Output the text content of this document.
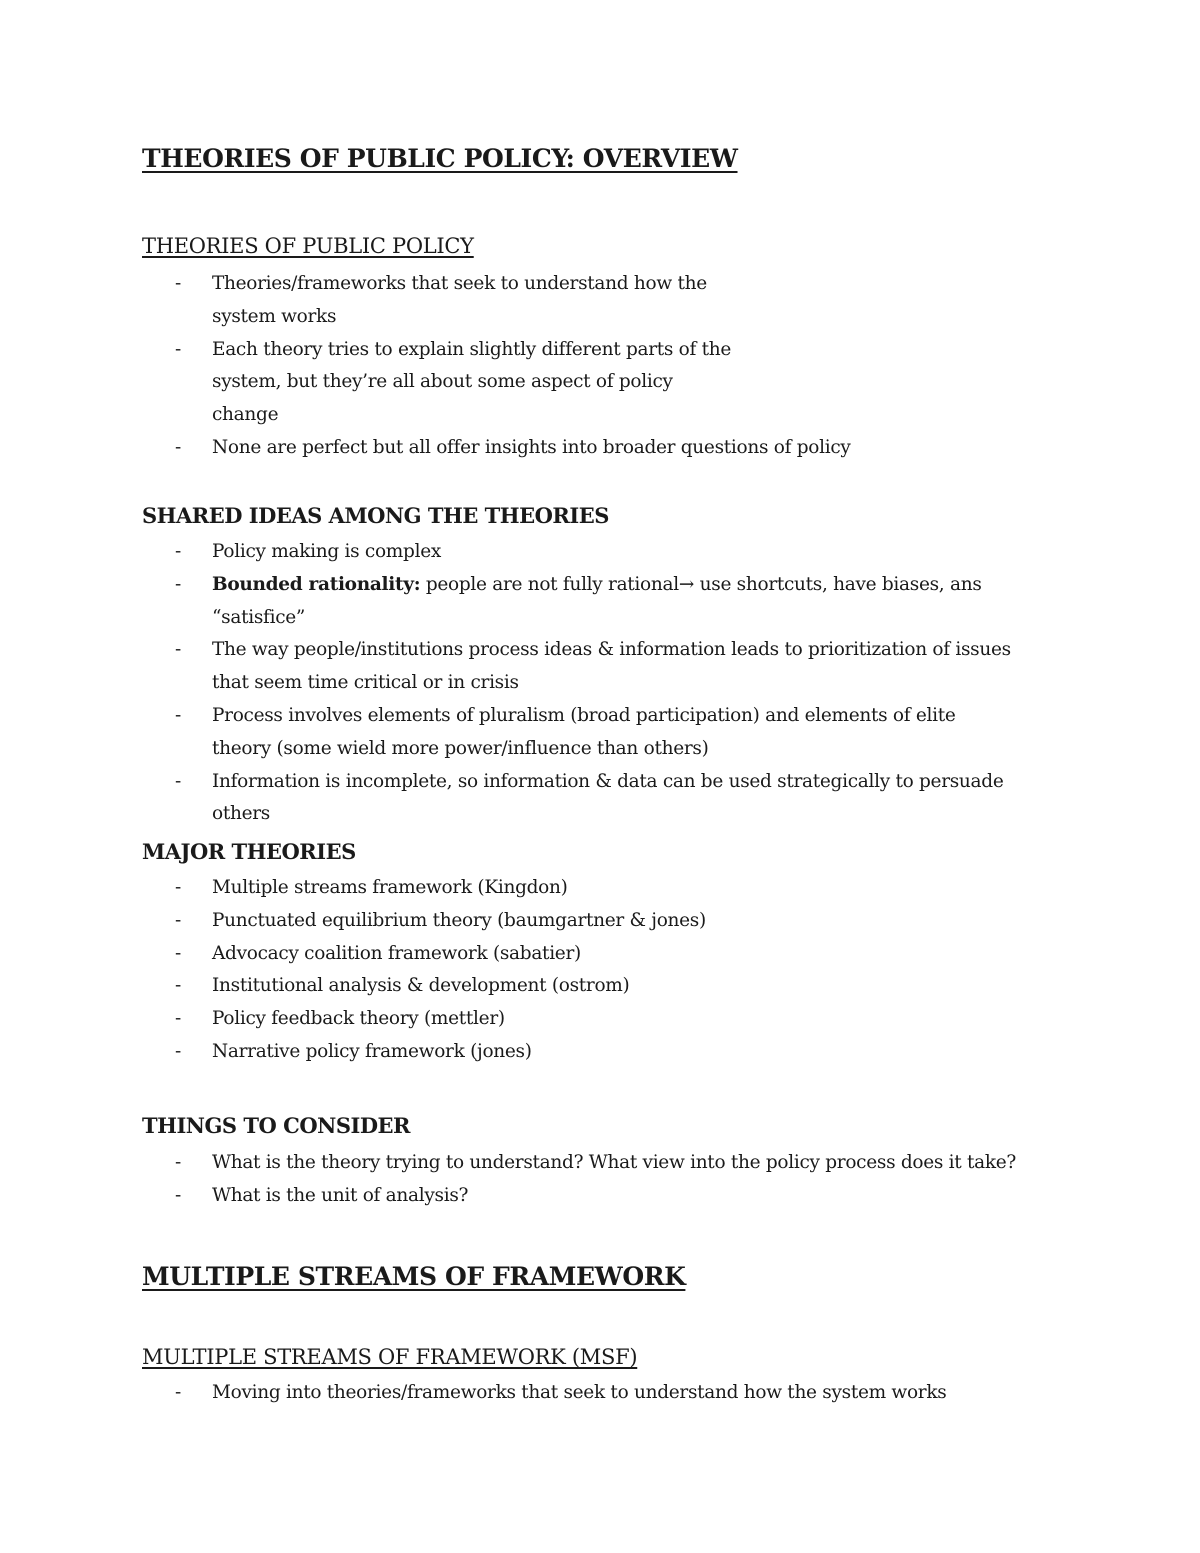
THEORIES OF PUBLIC POLICY: OVERVIEW
THEORIES OF PUBLIC POLICY
- Theories/frameworks that seek to understand how the
system works
- Each theory tries to explain slightly different parts of the
system, but they’re all about some aspect of policy
change
- None are perfect but all offer insights into broader questions of policy
SHARED IDEAS AMONG THE THEORIES
- Policy making is complex
- Bounded rationality: people are not fully rational→ use shortcuts, have biases, ans
“satisfice”
- The way people/institutions process ideas & information leads to prioritization of issues
that seem time critical or in crisis
- Process involves elements of pluralism (broad participation) and elements of elite
theory (some wield more power/influence than others)
- Information is incomplete, so information & data can be used strategically to persuade
others
MAJOR THEORIES
- Multiple streams framework (Kingdon)
- Punctuated equilibrium theory (baumgartner & jones)
- Advocacy coalition framework (sabatier)
- Institutional analysis & development (ostrom)
- Policy feedback theory (mettler)
- Narrative policy framework (jones)
THINGS TO CONSIDER
- What is the theory trying to understand? What view into the policy process does it take?
- What is the unit of analysis?
MULTIPLE STREAMS OF FRAMEWORK
MULTIPLE STREAMS OF FRAMEWORK (MSF)
- Moving into theories/frameworks that seek to understand how the system works
